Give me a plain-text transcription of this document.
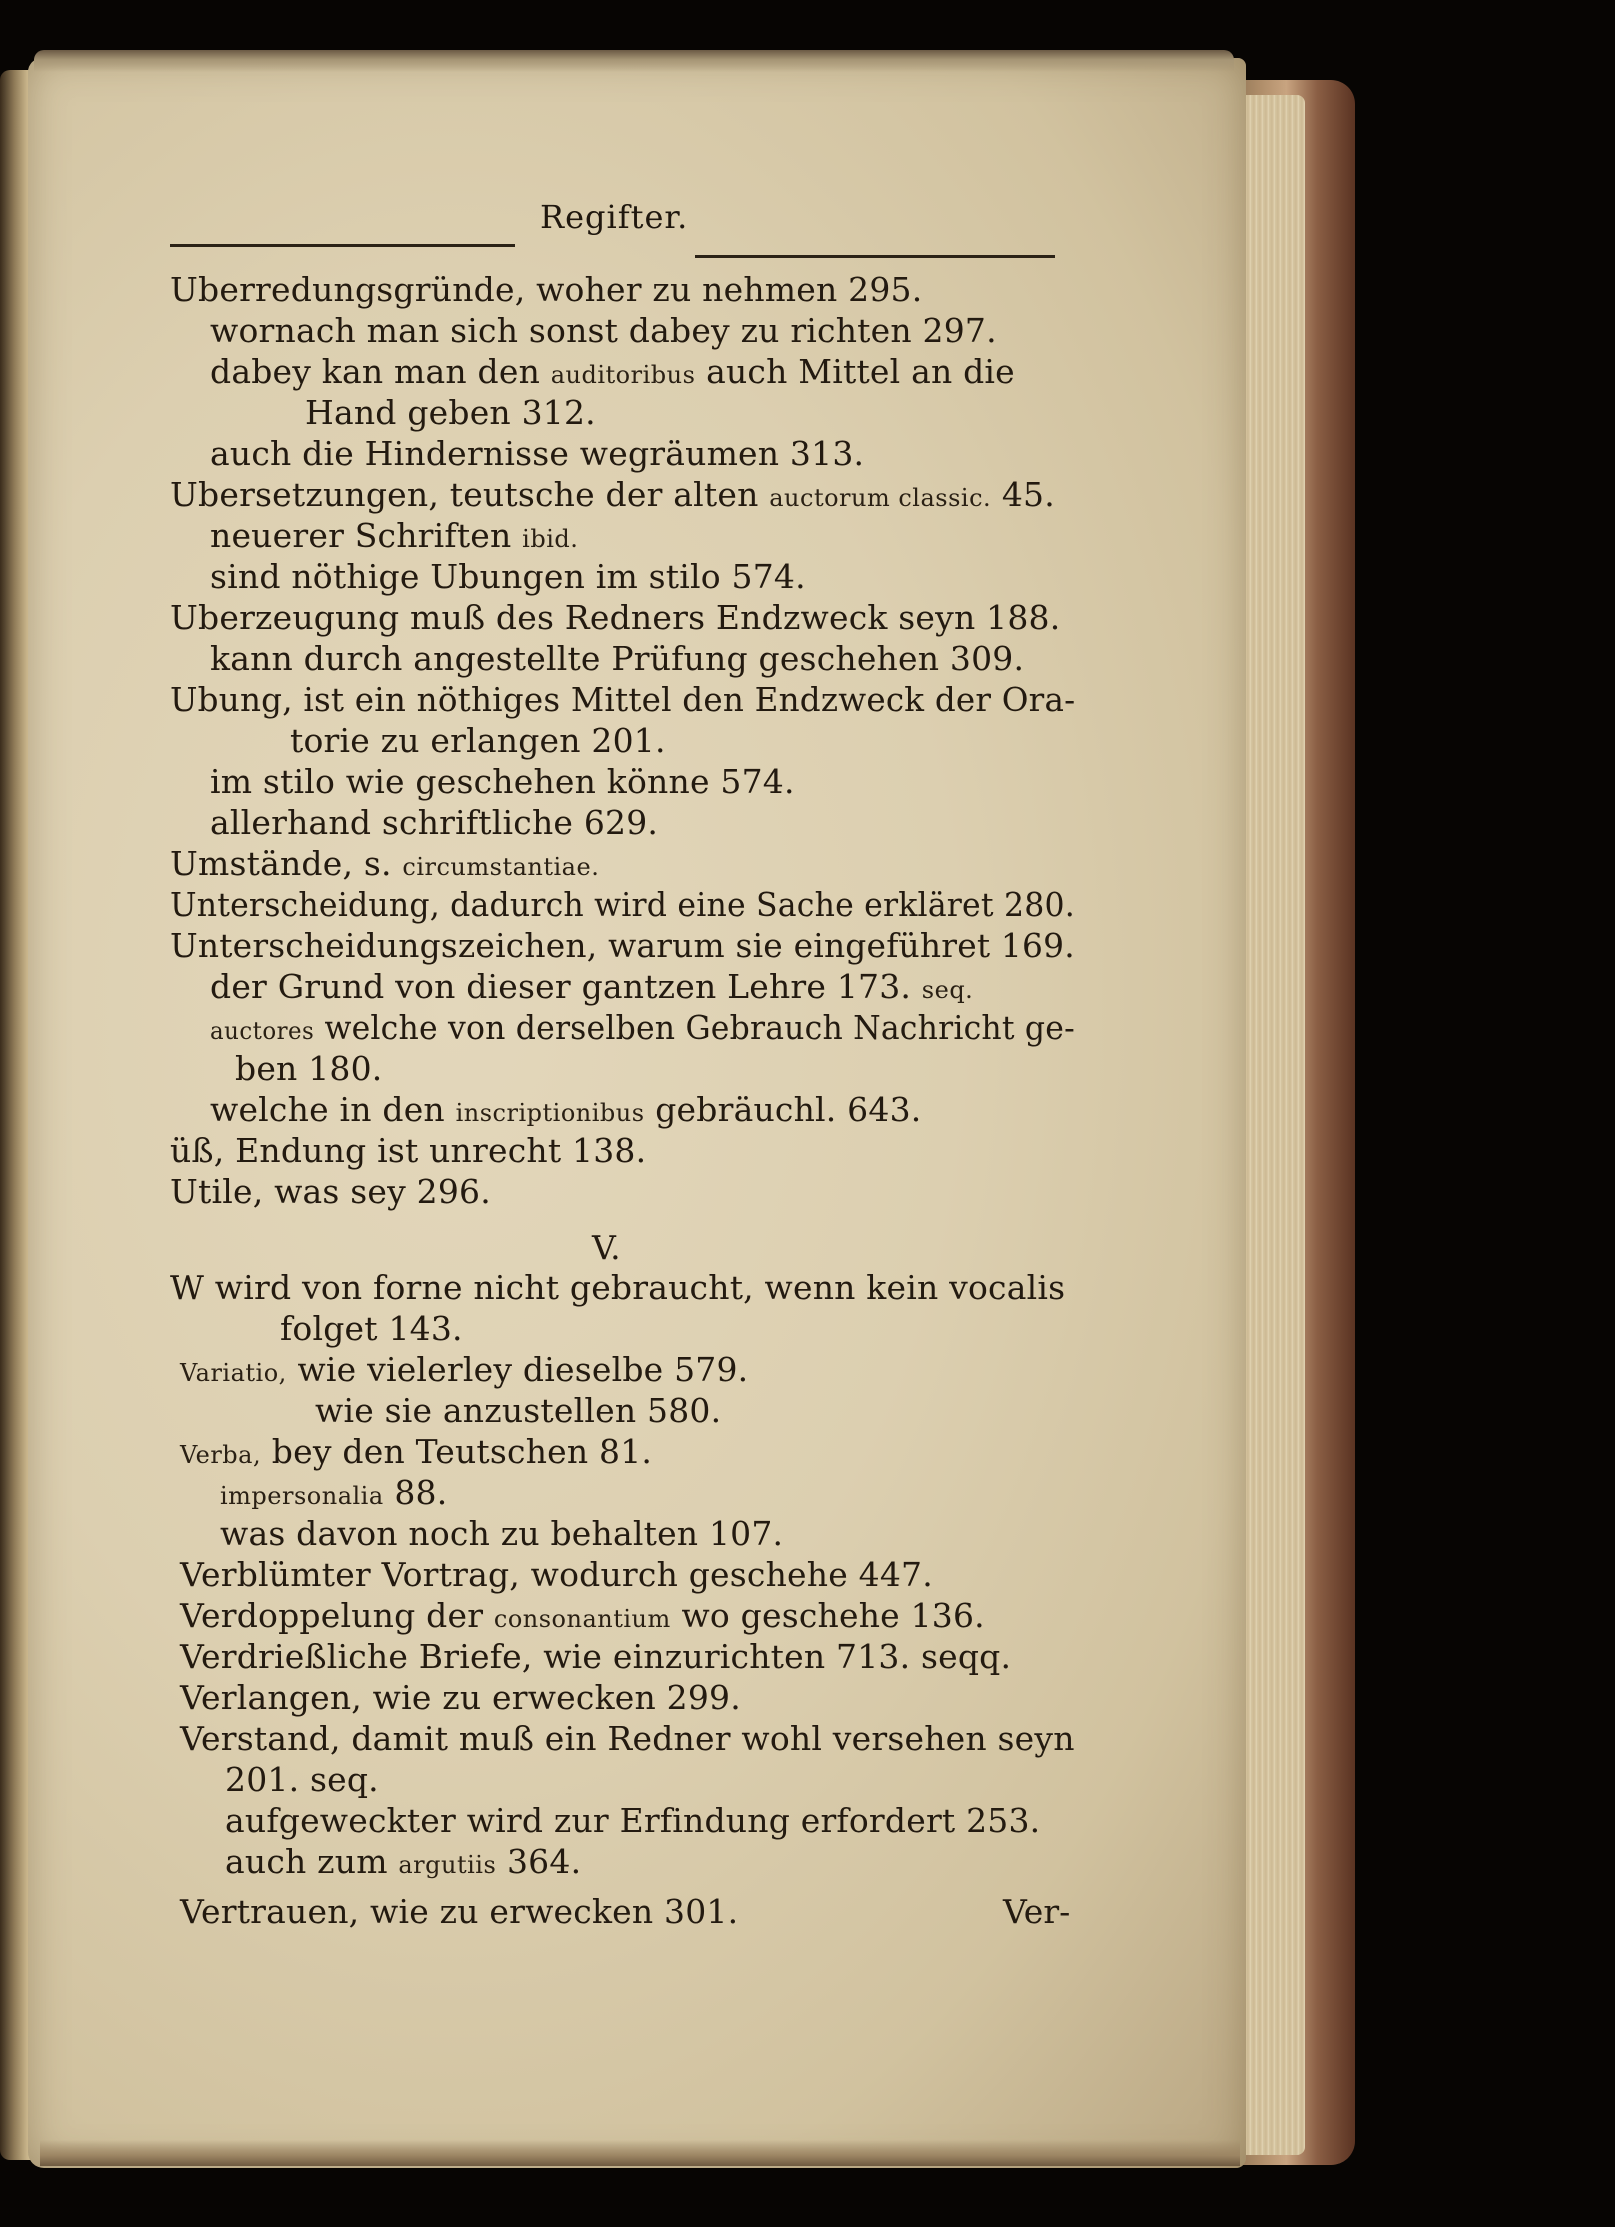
Regifter.
Uberredungsgründe, woher zu nehmen 295.
wornach man sich sonst dabey zu richten 297.
dabey kan man den auditoribus auch Mittel an die
Hand geben 312.
auch die Hindernisse wegräumen 313.
Ubersetzungen, teutsche der alten auctorum classic. 45.
neuerer Schriften ibid.
sind nöthige Ubungen im stilo 574.
Uberzeugung muß des Redners Endzweck seyn 188.
kann durch angestellte Prüfung geschehen 309.
Ubung, ist ein nöthiges Mittel den Endzweck der Ora-
torie zu erlangen 201.
im stilo wie geschehen könne 574.
allerhand schriftliche 629.
Umstände, s. circumstantiae.
Unterscheidung, dadurch wird eine Sache erkläret 280.
Unterscheidungszeichen, warum sie eingeführet 169.
der Grund von dieser gantzen Lehre 173. seq.
auctores welche von derselben Gebrauch Nachricht ge-
ben 180.
welche in den inscriptionibus gebräuchl. 643.
üß, Endung ist unrecht 138.
Utile, was sey 296.
V.
W wird von forne nicht gebraucht, wenn kein vocalis
folget 143.
Variatio, wie vielerley dieselbe 579.
wie sie anzustellen 580.
Verba, bey den Teutschen 81.
impersonalia 88.
was davon noch zu behalten 107.
Verblümter Vortrag, wodurch geschehe 447.
Verdoppelung der consonantium wo geschehe 136.
Verdrießliche Briefe, wie einzurichten 713. seqq.
Verlangen, wie zu erwecken 299.
Verstand, damit muß ein Redner wohl versehen seyn
201. seq.
aufgeweckter wird zur Erfindung erfordert 253.
auch zum argutiis 364.
Vertrauen, wie zu erwecken 301.	Ver-
